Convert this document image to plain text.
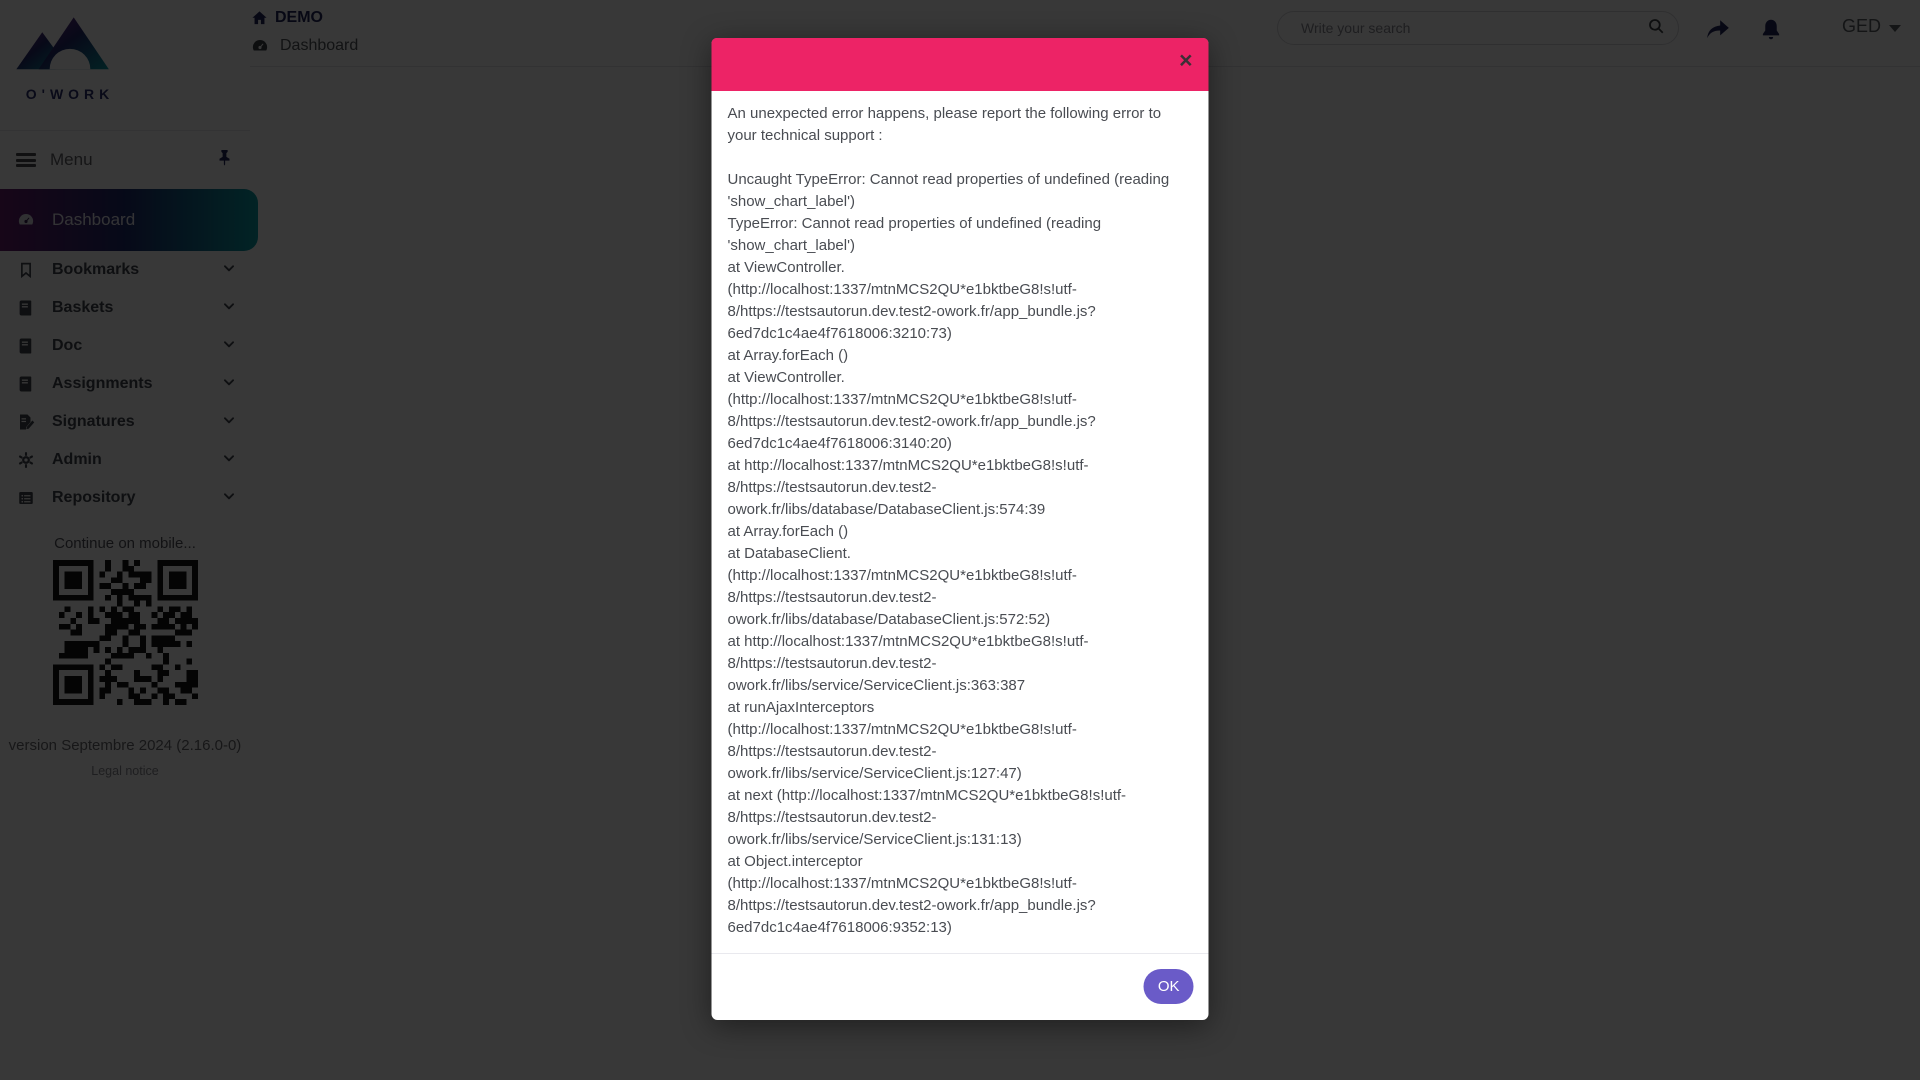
Write your search
×

An unexpected error happens, please report the following error to your technical support :

Uncaught TypeError: Cannot read properties of undefined (reading 'show_chart_label')
TypeError: Cannot read properties of undefined (reading 'show_chart_label')
at ViewController. (http://localhost:1337/mtnMCS2QU*e1bktbeG8!s!utf-8/https://testsautorun.dev.test2-owork.fr/app_bundle.js?6ed7dc1c4ae4f7618006:3210:73)
at Array.forEach ()
at ViewController. (http://localhost:1337/mtnMCS2QU*e1bktbeG8!s!utf-8/https://testsautorun.dev.test2-owork.fr/app_bundle.js?6ed7dc1c4ae4f7618006:3140:20)
at http://localhost:1337/mtnMCS2QU*e1bktbeG8!s!utf-8/https://testsautorun.dev.test2-owork.fr/libs/database/DatabaseClient.js:574:39
at Array.forEach ()
at DatabaseClient. (http://localhost:1337/mtnMCS2QU*e1bktbeG8!s!utf-8/https://testsautorun.dev.test2-owork.fr/libs/database/DatabaseClient.js:572:52)
at http://localhost:1337/mtnMCS2QU*e1bktbeG8!s!utf-8/https://testsautorun.dev.test2-owork.fr/libs/service/ServiceClient.js:363:387
at runAjaxInterceptors (http://localhost:1337/mtnMCS2QU*e1bktbeG8!s!utf-8/https://testsautorun.dev.test2-owork.fr/libs/service/ServiceClient.js:127:47)
at next (http://localhost:1337/mtnMCS2QU*e1bktbeG8!s!utf-8/https://testsautorun.dev.test2-owork.fr/libs/service/ServiceClient.js:131:13)
at Object.interceptor (http://localhost:1337/mtnMCS2QU*e1bktbeG8!s!utf-8/https://testsautorun.dev.test2-owork.fr/app_bundle.js?6ed7dc1c4ae4f7618006:9352:13)
OK
